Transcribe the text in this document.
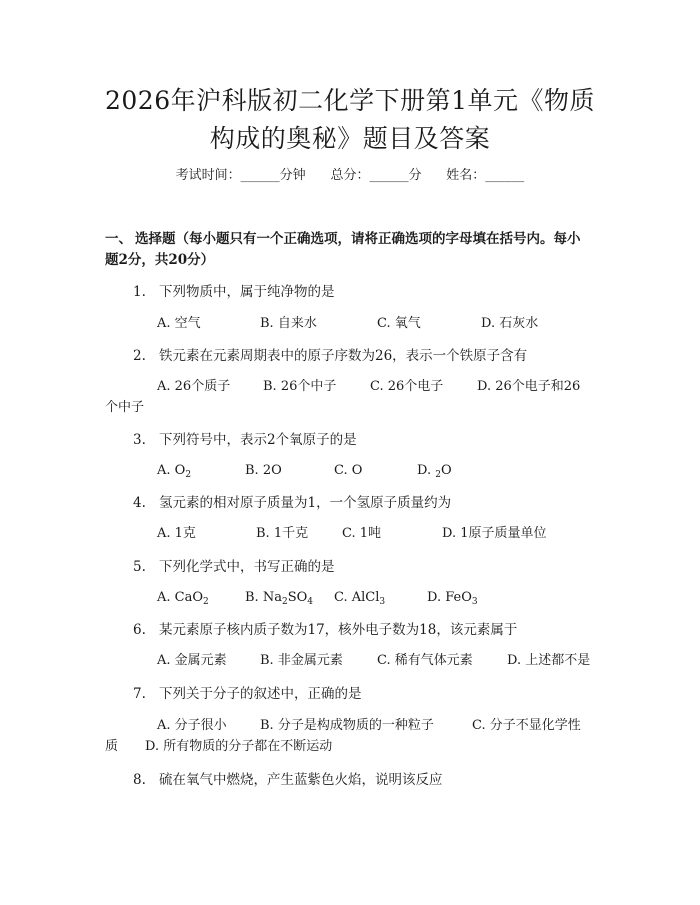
2026年沪科版初二化学下册第1单元《物质
构成的奥秘》题目及答案
考试时间：______分钟 总分：______分 姓名：______
一、 选择题（每小题只有一个正确选项，请将正确选项的字母填在括号内。每小
题2分，共20分）
1. 下列物质中，属于纯净物的是
A. 空气	B. 自来水	C. 氧气	D. 石灰水
2. 铁元素在元素周期表中的原子序数为26，表示一个铁原子含有
A. 26个质子	B. 26个中子	C. 26个电子	D. 26个电子和26
个中子
3. 下列符号中，表示2个氧原子的是
A. $O_2$	B. 2O	C. O	D. $_2$O
4. 氢元素的相对原子质量为1，一个氢原子质量约为
A. 1克	B. 1千克	C. 1吨	D. 1原子质量单位
5. 下列化学式中，书写正确的是
A. CaO$_2$	B. $Na_2SO_4$ C. AlCl$_3$	D. FeO$_3$
6. 某元素原子核内质子数为17，核外电子数为18，该元素属于
A. 金属元素	B. 非金属元素	C. 稀有气体元素	D. 上述都不是
7. 下列关于分子的叙述中，正确的是
A. 分子很小	B. 分子是构成物质的一种粒子	C. 分子不显化学性
质 D. 所有物质的分子都在不断运动
8. 硫在氧气中燃烧，产生蓝紫色火焰，说明该反应
